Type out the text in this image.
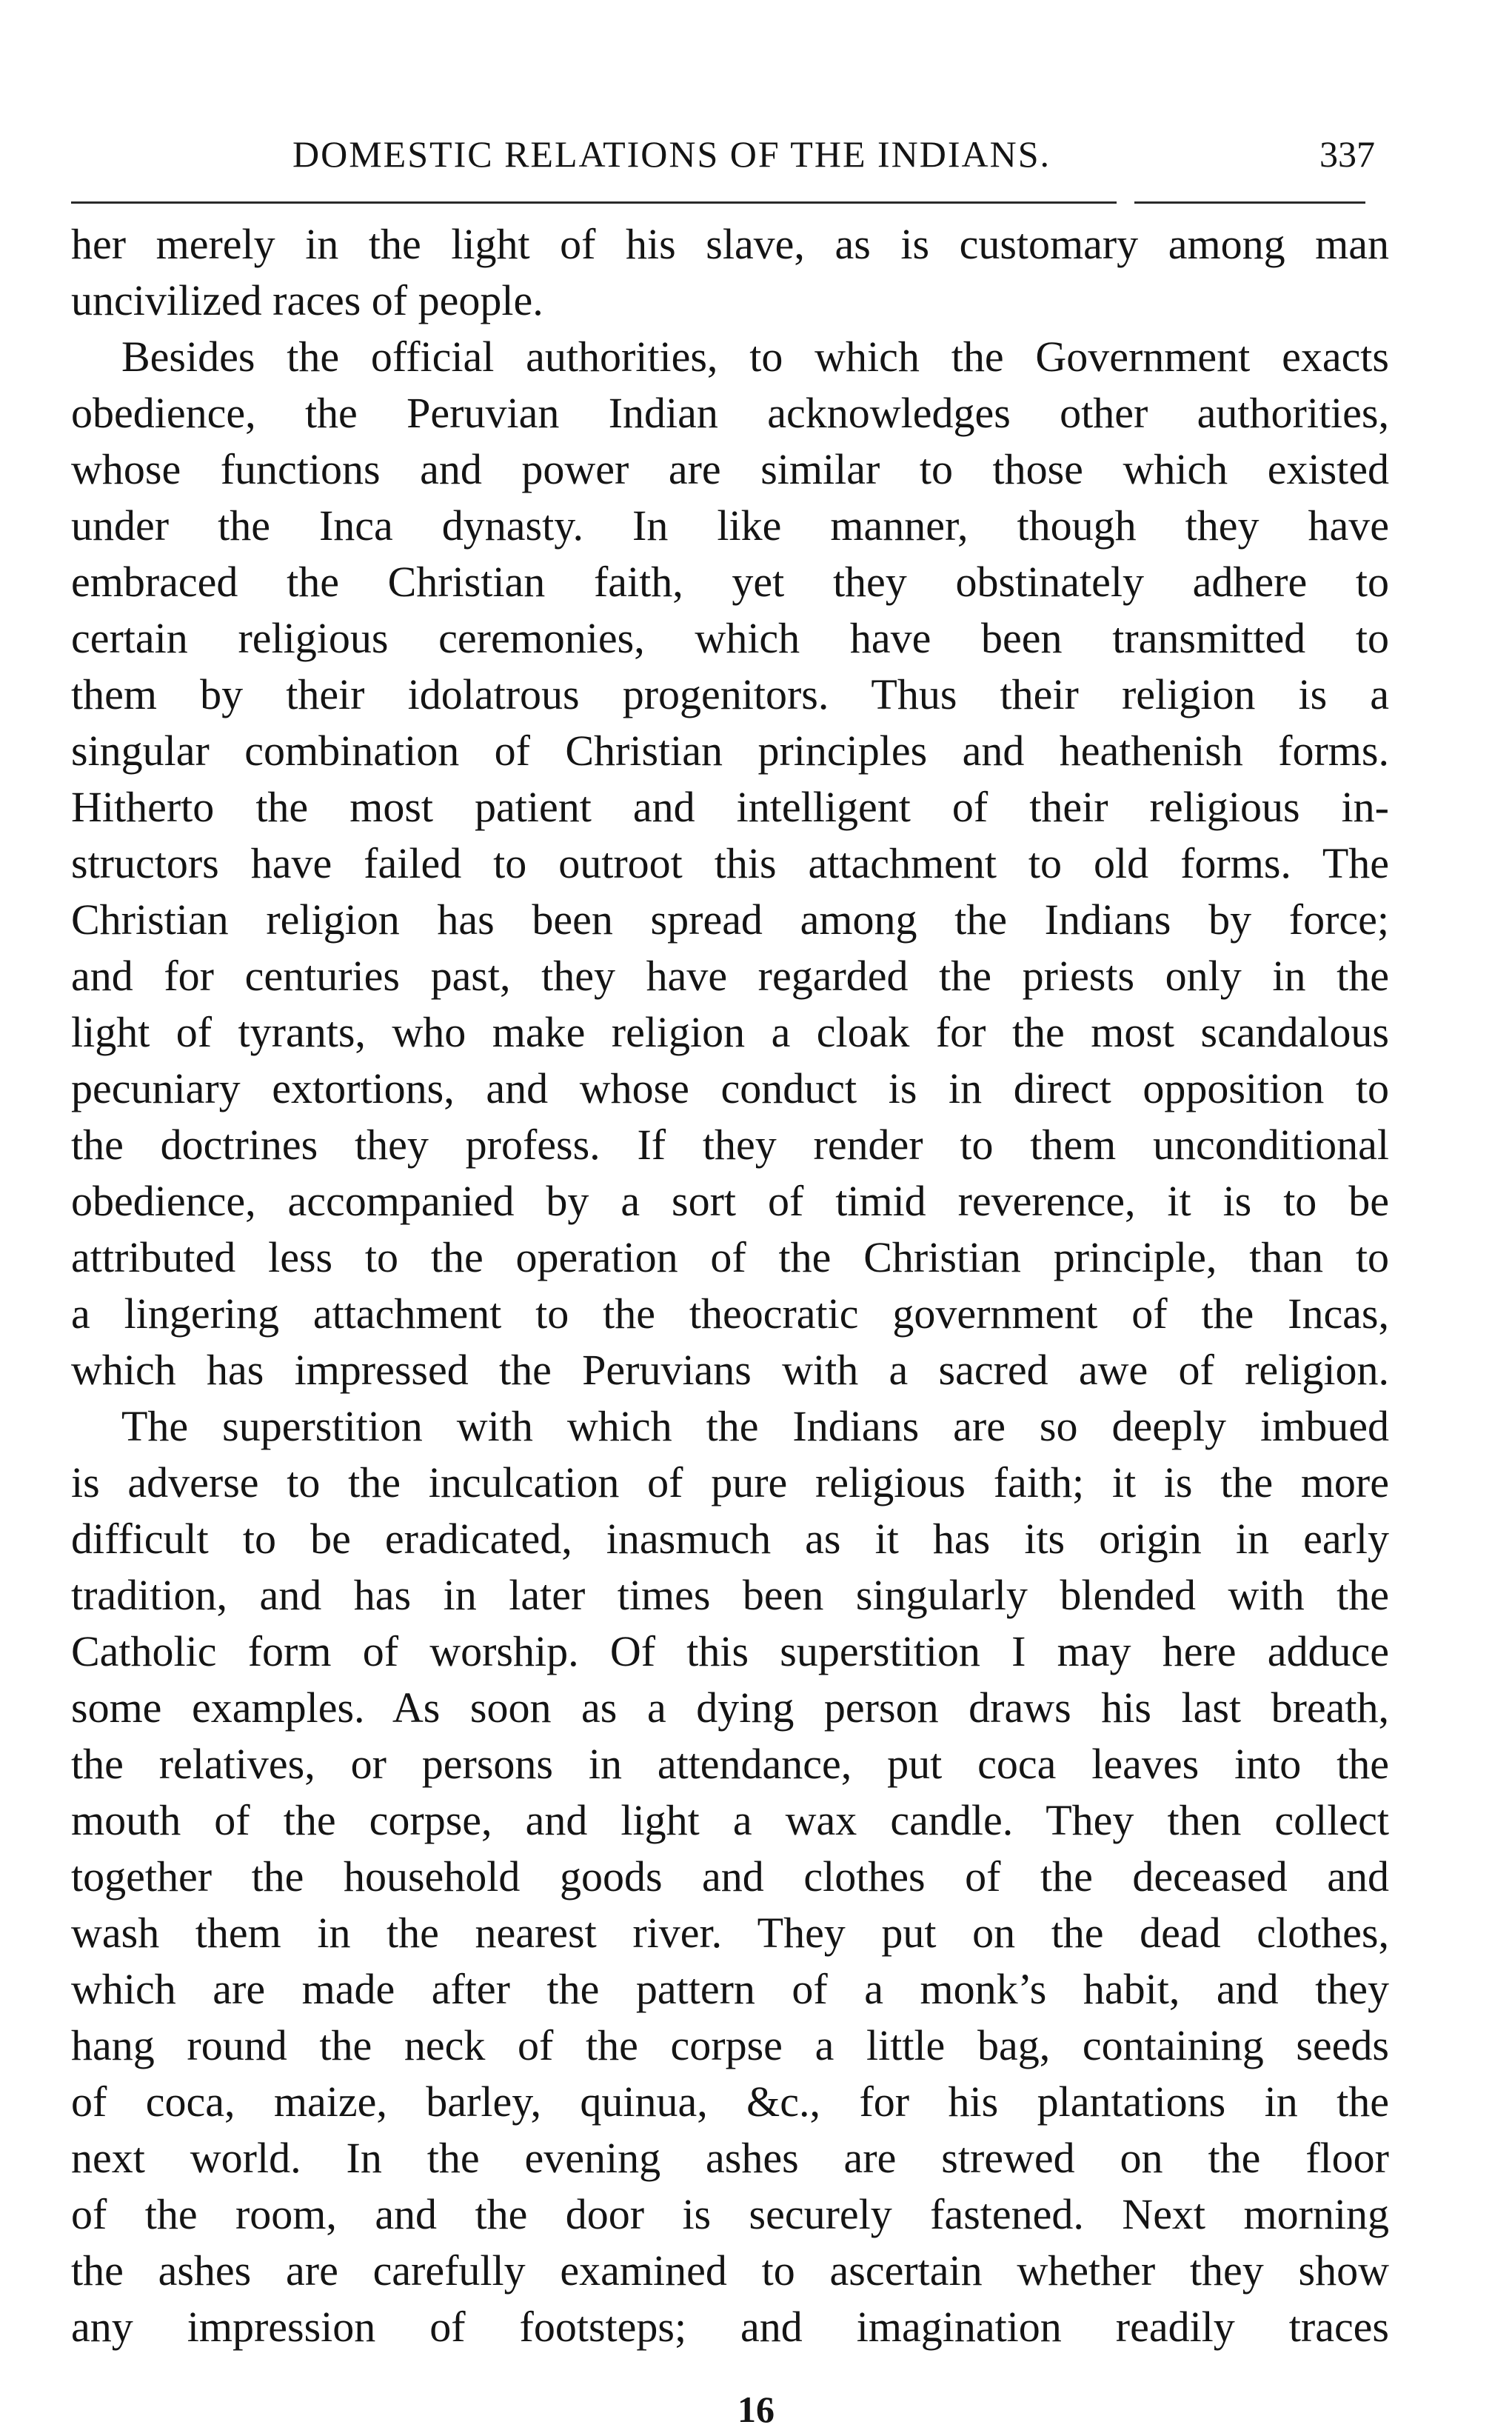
DOMESTIC RELATIONS OF THE INDIANS.	337
her merely in the light of his slave, as is customary among man
uncivilized races of people.
Besides the official authorities, to which the Government exacts
obedience, the Peruvian Indian acknowledges other authorities,
whose functions and power are similar to those which existed
under the Inca dynasty. In like manner, though they have
embraced the Christian faith, yet they obstinately adhere to
certain religious ceremonies, which have been transmitted to
them by their idolatrous progenitors. Thus their religion is a
singular combination of Christian principles and heathenish forms.
Hitherto the most patient and intelligent of their religious in-
structors have failed to outroot this attachment to old forms. The
Christian religion has been spread among the Indians by force;
and for centuries past, they have regarded the priests only in the
light of tyrants, who make religion a cloak for the most scandalous
pecuniary extortions, and whose conduct is in direct opposition to
the doctrines they profess. If they render to them unconditional
obedience, accompanied by a sort of timid reverence, it is to be
attributed less to the operation of the Christian principle, than to
a lingering attachment to the theocratic government of the Incas,
which has impressed the Peruvians with a sacred awe of religion.
The superstition with which the Indians are so deeply imbued
is adverse to the inculcation of pure religious faith; it is the more
difficult to be eradicated, inasmuch as it has its origin in early
tradition, and has in later times been singularly blended with the
Catholic form of worship. Of this superstition I may here adduce
some examples. As soon as a dying person draws his last breath,
the relatives, or persons in attendance, put coca leaves into the
mouth of the corpse, and light a wax candle. They then collect
together the household goods and clothes of the deceased and
wash them in the nearest river. They put on the dead clothes,
which are made after the pattern of a monk’s habit, and they
hang round the neck of the corpse a little bag, containing seeds
of coca, maize, barley, quinua, &c., for his plantations in the
next world. In the evening ashes are strewed on the floor
of the room, and the door is securely fastened. Next morning
the ashes are carefully examined to ascertain whether they show
any impression of footsteps; and imagination readily traces
16
